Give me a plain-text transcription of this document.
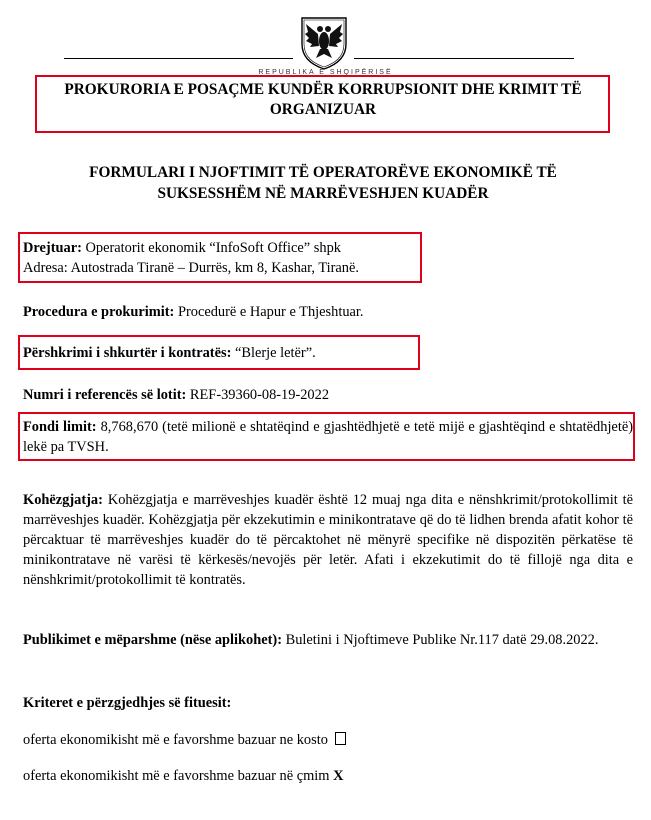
REPUBLIKA E SHQIPËRISË
PROKURORIA E POSAÇME KUNDËR KORRUPSIONIT DHE KRIMIT TË ORGANIZUAR
FORMULARI I NJOFTIMIT TË OPERATORËVE EKONOMIKË TË SUKSESSHËM NË MARRËVESHJEN KUADËR
Drejtuar: Operatorit ekonomik “InfoSoft Office” shpk
Adresa: Autostrada Tiranë – Durrës, km 8, Kashar, Tiranë.
Procedura e prokurimit: Procedurë e Hapur e Thjeshtuar.
Përshkrimi i shkurtër i kontratës: “Blerje letër”.
Numri i referencës së lotit: REF-39360-08-19-2022
Fondi limit: 8,768,670 (tetë milionë e shtatëqind e gjashtëdhjetë e tetë mijë e gjashtëqind e shtatëdhjetë) lekë pa TVSH.
Kohëzgjatja: Kohëzgjatja e marrëveshjes kuadër është 12 muaj nga dita e nënshkrimit/protokollimit të marrëveshjes kuadër. Kohëzgjatja për ekzekutimin e minikontratave që do të lidhen brenda afatit kohor të përcaktuar të marrëveshjes kuadër do të përcaktohet në mënyrë specifike në dispozitën përkatëse të minikontratave në varësi të kërkesës/nevojës për letër. Afati i ekzekutimit do të fillojë nga dita e nënshkrimit/protokollimit të kontratës.
Publikimet e mëparshme (nëse aplikohet): Buletini i Njoftimeve Publike Nr.117 datë 29.08.2022.
Kriteret e përzgjedhjes së fituesit:
oferta ekonomikisht më e favorshme bazuar ne kosto
oferta ekonomikisht më e favorshme bazuar në çmim X
